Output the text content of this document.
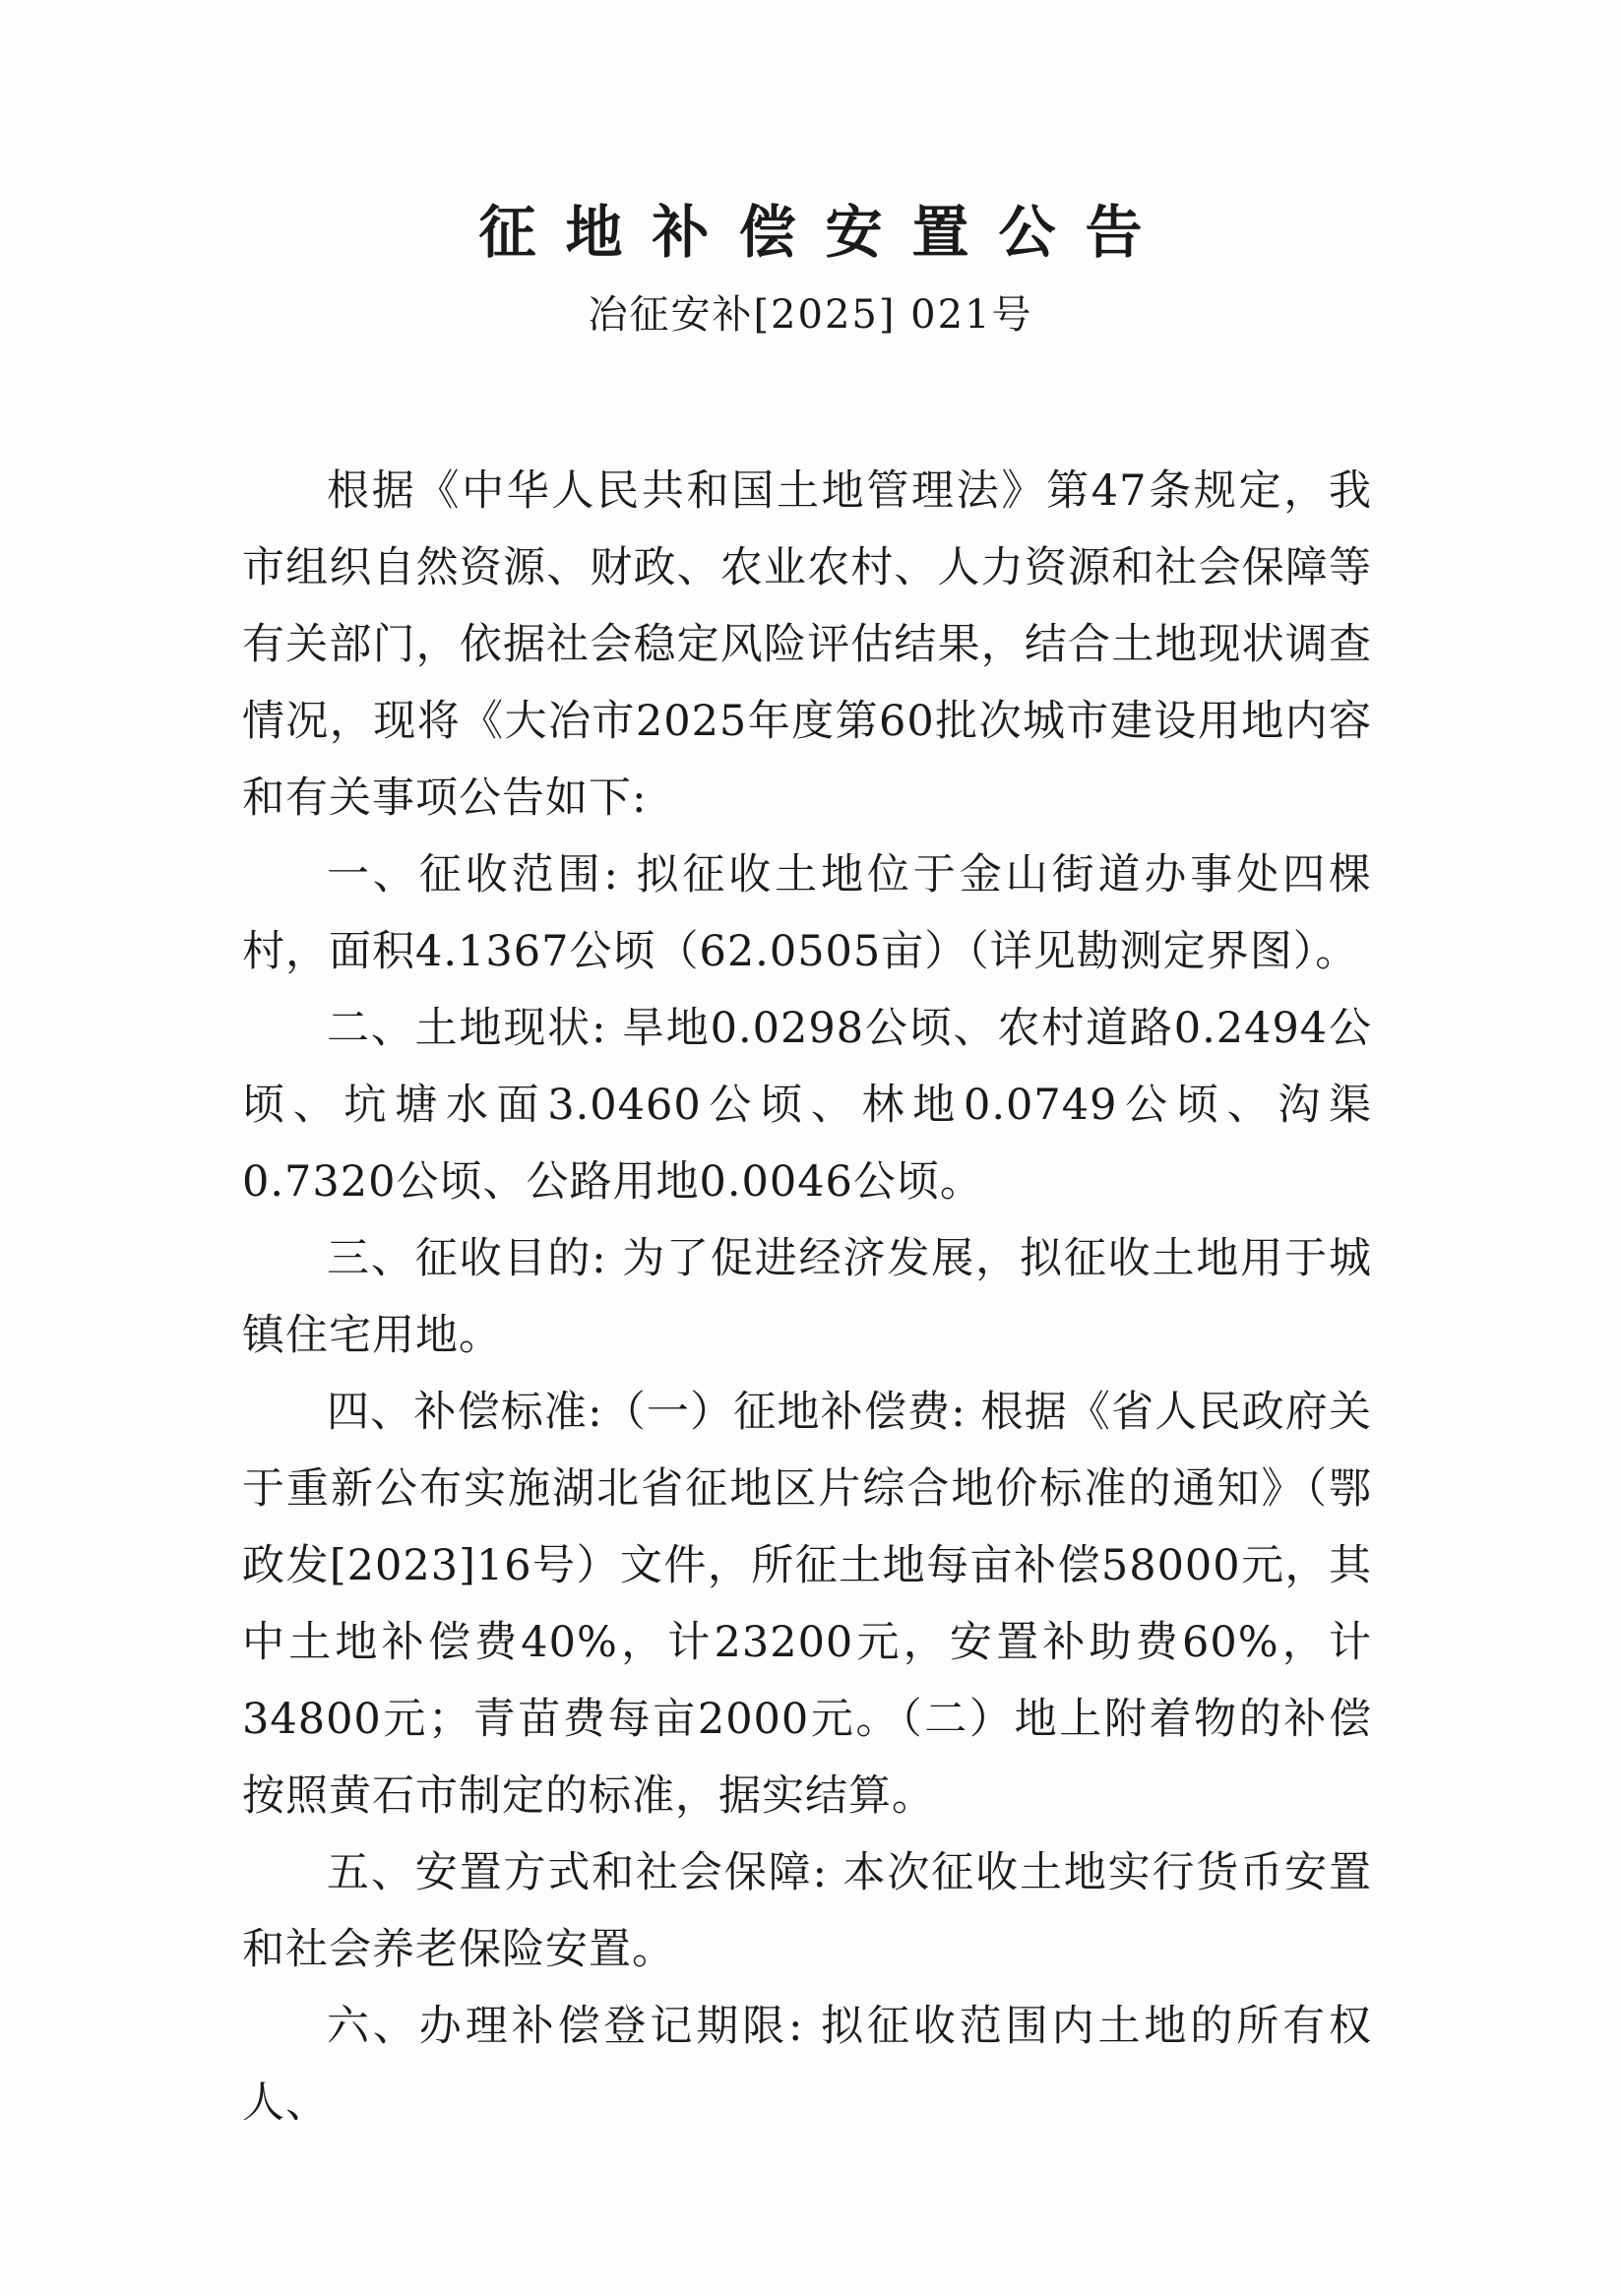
征地补偿安置公告
冶征安补[2025] 021号

根据《中华人民共和国土地管理法》第47条规定，我市组织自然资源、财政、农业农村、人力资源和社会保障等有关部门，依据社会稳定风险评估结果，结合土地现状调查情况，现将《大冶市2025年度第60批次城市建设用地内容和有关事项公告如下:

一、征收范围: 拟征收土地位于金山街道办事处四棵村，面积4.1367公顷（62.0505亩）（详见勘测定界图）。

二、土地现状: 旱地0.0298公顷、农村道路0.2494公顷、坑塘水面3.0460公顷、林地0.0749公顷、沟渠0.7320公顷、公路用地0.0046公顷。

三、征收目的: 为了促进经济发展，拟征收土地用于城镇住宅用地。

四、补偿标准:（一）征地补偿费: 根据《省人民政府关于重新公布实施湖北省征地区片综合地价标准的通知》（鄂政发[2023]16号）文件，所征土地每亩补偿58000元，其中土地补偿费40%，计23200元，安置补助费60%，计34800元；青苗费每亩2000元。（二）地上附着物的补偿按照黄石市制定的标准，据实结算。

五、安置方式和社会保障: 本次征收土地实行货币安置和社会养老保险安置。

六、办理补偿登记期限: 拟征收范围内土地的所有权人、
